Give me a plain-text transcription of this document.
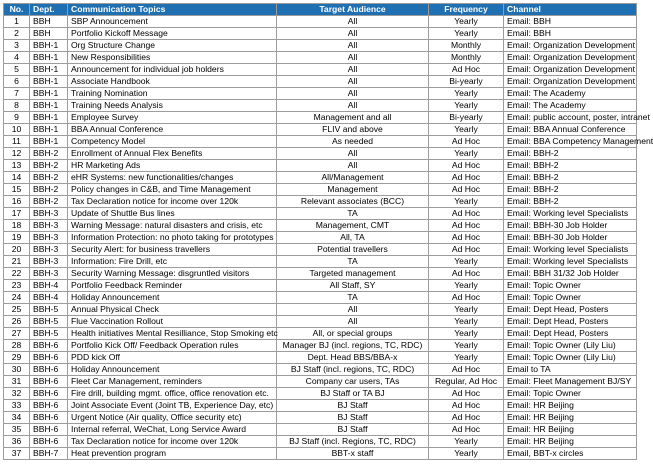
No.	Dept.	Communication Topics	Target Audience	Frequency	Channel
1	BBH	SBP Announcement	All	Yearly	Email: BBH
2	BBH	Portfolio Kickoff Message	All	Yearly	Email: BBH
3	BBH-1	Org Structure Change	All	Monthly	Email: Organization Development
4	BBH-1	New Responsibilities	All	Monthly	Email: Organization Development
5	BBH-1	Announcement for individual job holders	All	Ad Hoc	Email: Organization Development
6	BBH-1	Associate Handbook	All	Bi-yearly	Email: Organization Development
7	BBH-1	Training Nomination	All	Yearly	Email: The Academy
8	BBH-1	Training Needs Analysis	All	Yearly	Email: The Academy
9	BBH-1	Employee Survey	Management and all	Bi-yearly	Email: public account, poster, intranet
10	BBH-1	BBA Annual Conference	FLIV and above	Yearly	Email: BBA Annual Conference
11	BBH-1	Competency Model	As needed	Ad Hoc	Email: BBA Competency Management
12	BBH-2	Enrollment of Annual Flex Benefits	All	Yearly	Email: BBH-2
13	BBH-2	HR Marketing Ads	All	Ad Hoc	Email: BBH-2
14	BBH-2	eHR Systems: new functionalities/changes	All/Management	Ad Hoc	Email: BBH-2
15	BBH-2	Policy changes in C&B, and Time Management	Management	Ad Hoc	Email: BBH-2
16	BBH-2	Tax Declaration notice for income over 120k	Relevant associates (BCC)	Yearly	Email: BBH-2
17	BBH-3	Update of Shuttle Bus lines	TA	Ad Hoc	Email: Working level Specialists
18	BBH-3	Warning Message: natural disasters and crisis, etc	Management, CMT	Ad Hoc	Email: BBH-30 Job Holder
19	BBH-3	Information Protection: no photo taking for prototypes	All, TA	Ad Hoc	Email: BBH-30 Job Holder
20	BBH-3	Security Alert: for business travellers	Potential travellers	Ad Hoc	Email: Working level Specialists
21	BBH-3	Information: Fire Drill, etc	TA	Yearly	Email: Working level Specialists
22	BBH-3	Security Warning Message: disgruntled visitors	Targeted management	Ad Hoc	Email: BBH 31/32 Job Holder
23	BBH-4	Portfolio Feedback Reminder	All Staff, SY	Yearly	Email: Topic Owner
24	BBH-4	Holiday Announcement	TA	Ad Hoc	Email: Topic Owner
25	BBH-5	Annual Physical Check	All	Yearly	Email: Dept Head, Posters
26	BBH-5	Flue Vaccination Rollout	All	Yearly	Email: Dept Head, Posters
27	BBH-5	Health initiatives Mental Resilliance, Stop Smoking etc	All, or special groups	Yearly	Email: Dept Head, Posters
28	BBH-6	Portfolio Kick Off/ Feedback Operation rules	Manager BJ (incl. regions, TC, RDC)	Yearly	Email: Topic Owner (Lily Liu)
29	BBH-6	PDD kick Off	Dept. Head BBS/BBA-x	Yearly	Email: Topic Owner (Lily Liu)
30	BBH-6	Holiday Announcement	BJ Staff (incl. regions, TC, RDC)	Ad Hoc	Email to TA
31	BBH-6	Fleet Car Management, reminders	Company car users, TAs	Regular, Ad Hoc	Email: Fleet Management BJ/SY
32	BBH-6	Fire drill, building mgmt. office, office renovation etc.	BJ Staff or TA BJ	Ad Hoc	Email: Topic Owner
33	BBH-6	Joint Associate Event (Joint TB, Experience Day, etc)	BJ Staff	Ad Hoc	Email: HR Beijing
34	BBH-6	Urgent Notice (Air quality, Office security etc)	BJ Staff	Ad Hoc	Email: HR Beijing
35	BBH-6	Internal referral, WeChat, Long Service Award	BJ Staff	Ad Hoc	Email: HR Beijing
36	BBH-6	Tax Declaration notice for income over 120k	BJ Staff (incl. Regions, TC, RDC)	Yearly	Email: HR Beijing
37	BBH-7	Heat prevention program	BBT-x staff	Yearly	Email, BBT-x circles
